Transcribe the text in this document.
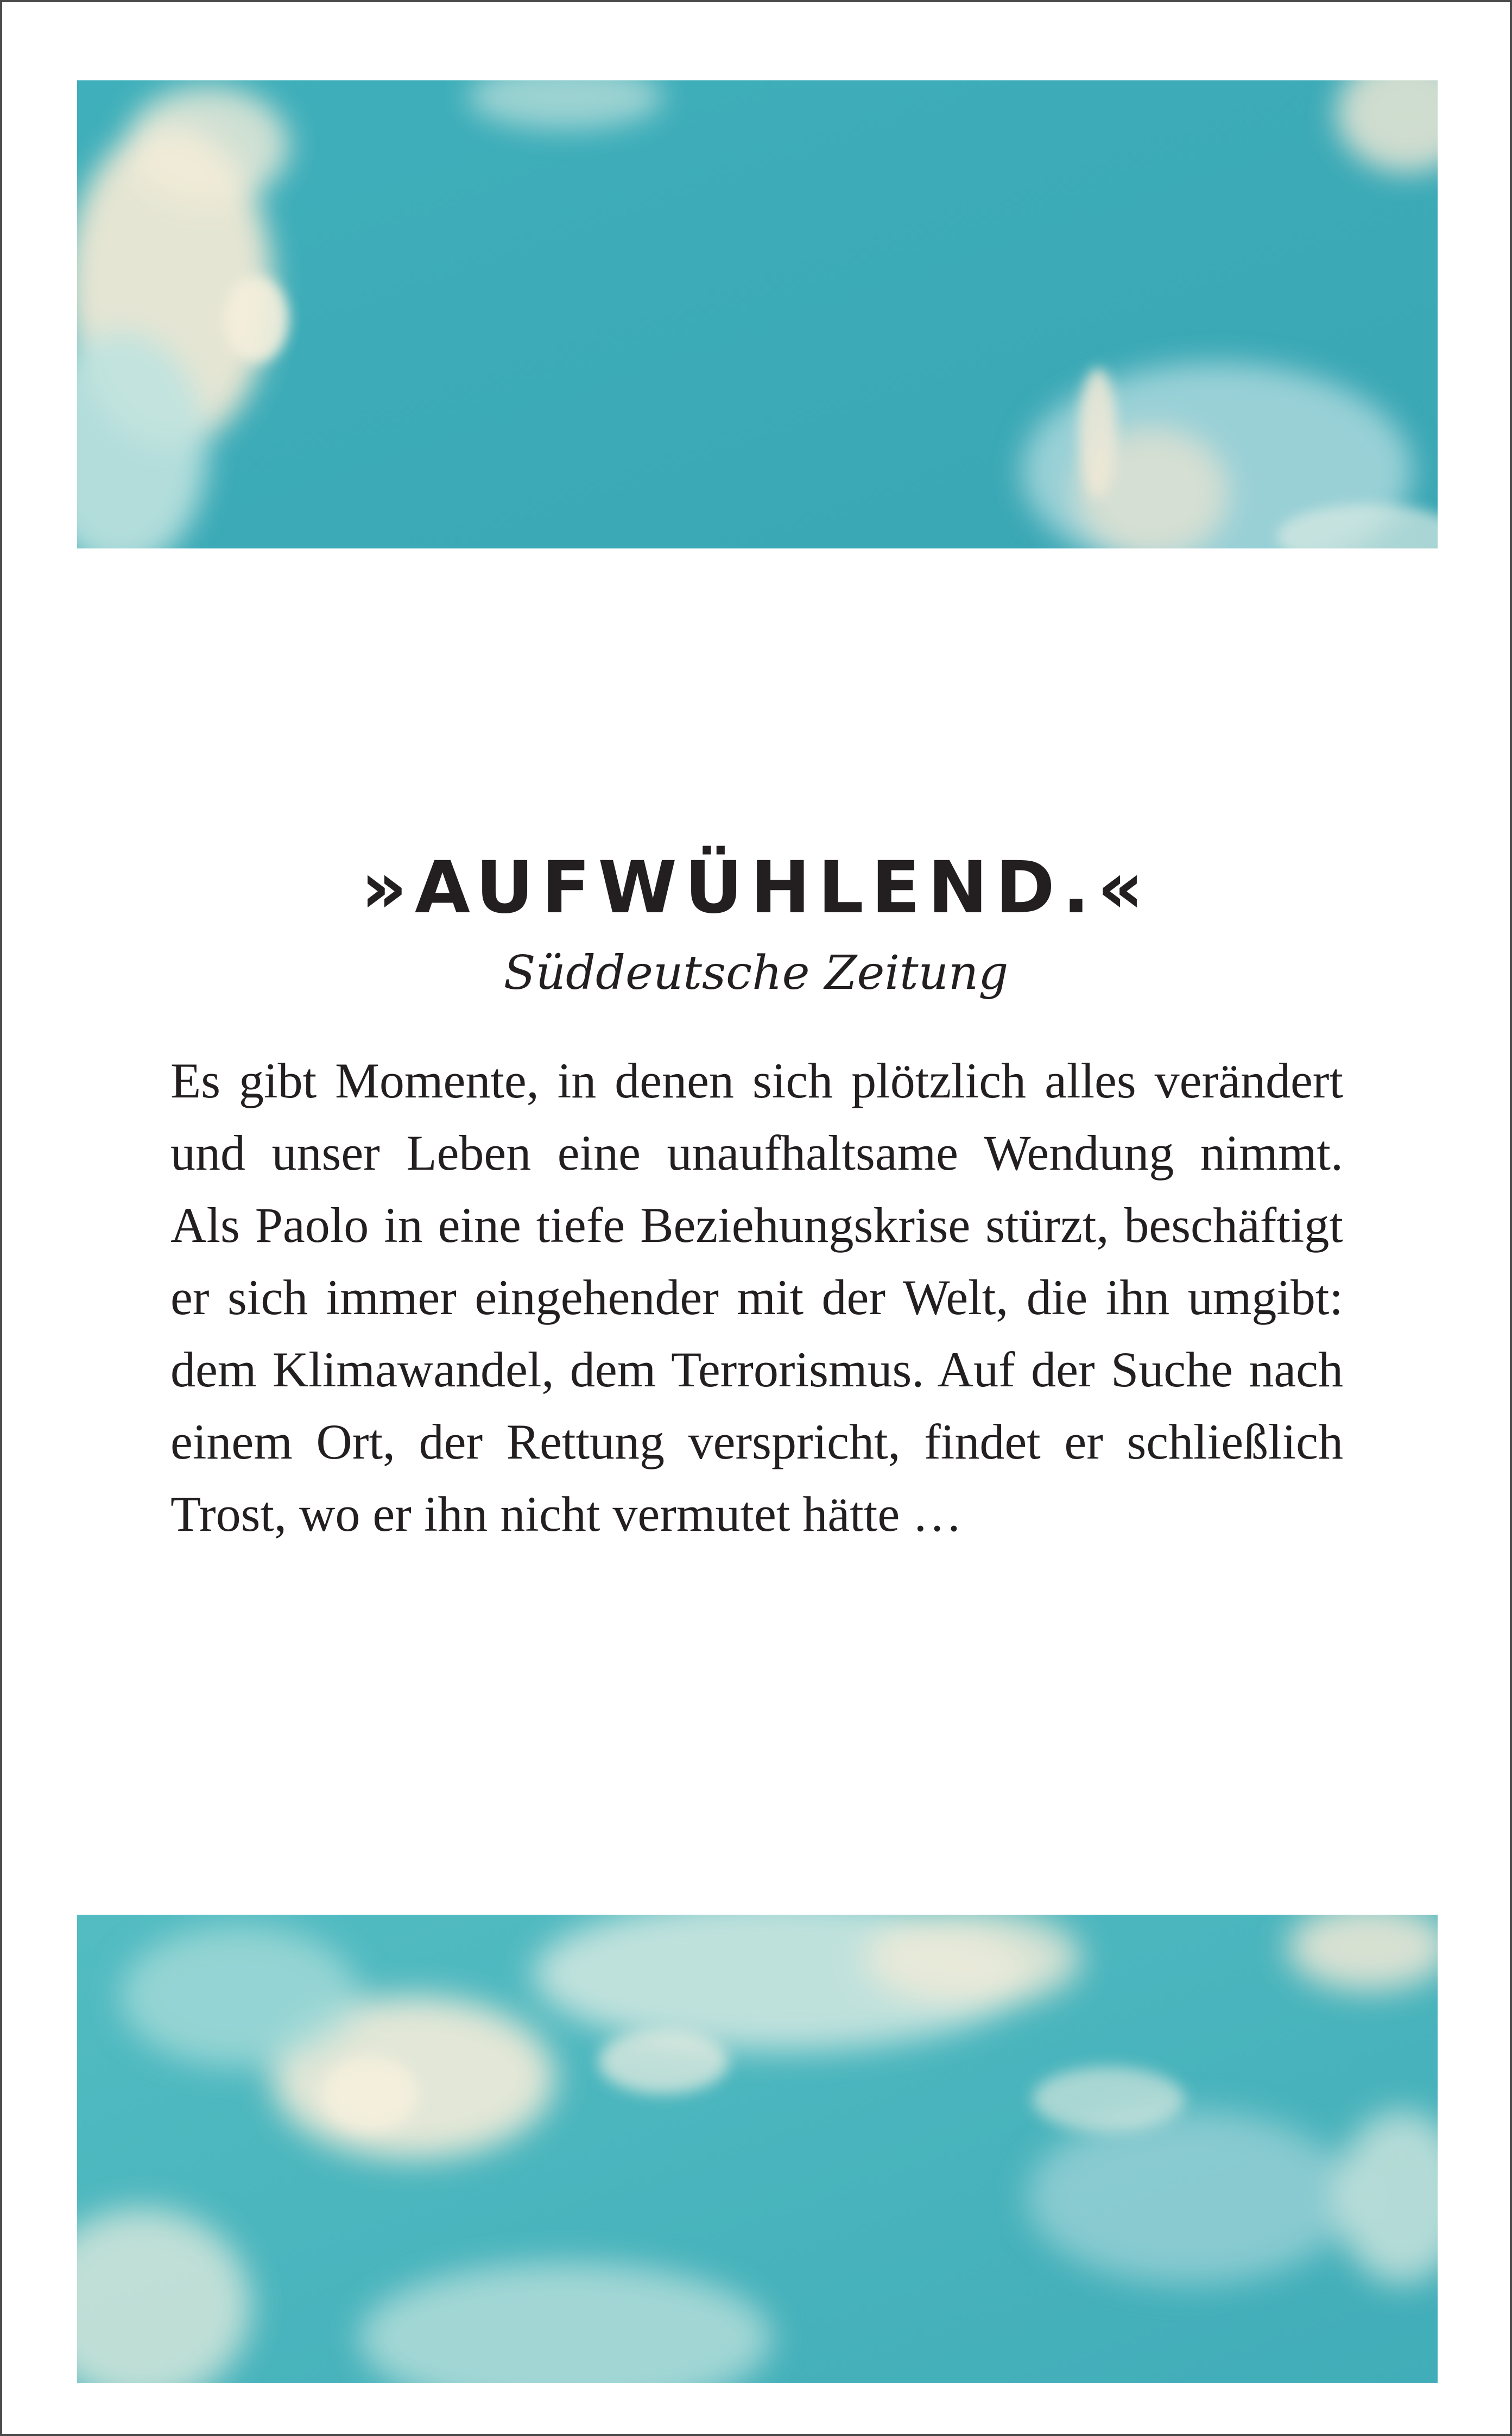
»AUFWÜHLEND.«
Süddeutsche Zeitung
Es gibt Momente, in denen sich plötzlich alles verändert
und unser Leben eine unaufhaltsame Wendung nimmt.
Als Paolo in eine tiefe Beziehungskrise stürzt, beschäftigt
er sich immer eingehender mit der Welt, die ihn umgibt:
dem Klimawandel, dem Terrorismus. Auf der Suche nach
einem Ort, der Rettung verspricht, findet er schließlich
Trost, wo er ihn nicht vermutet hätte …
